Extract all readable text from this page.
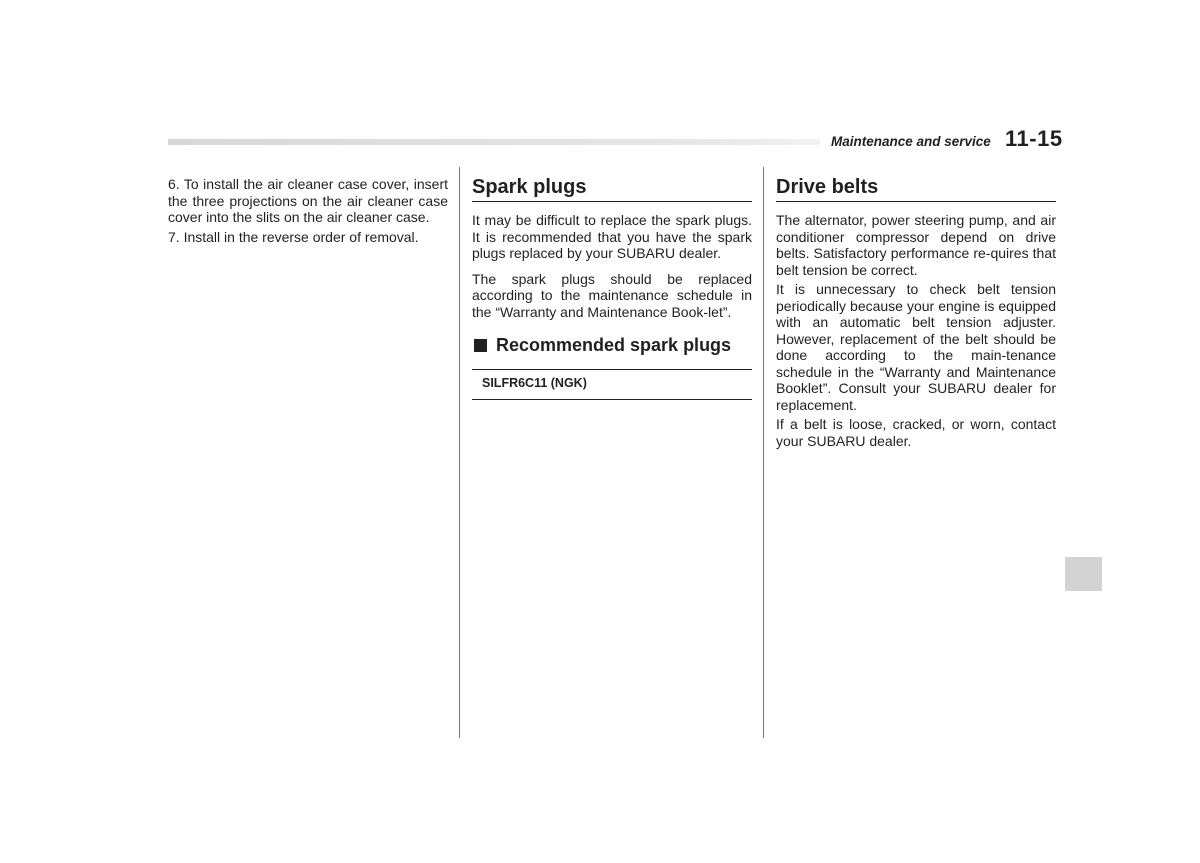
Maintenance and service 11-15

6. To install the air cleaner case cover, insert the three projections on the air cleaner case cover into the slits on the air cleaner case.

7. Install in the reverse order of removal.

Spark plugs

It may be difficult to replace the spark plugs. It is recommended that you have the spark plugs replaced by your SUBARU dealer.

The spark plugs should be replaced according to the maintenance schedule in the “Warranty and Maintenance Book-let”.

Recommended spark plugs
SILFR6C11 (NGK)
Drive belts

The alternator, power steering pump, and air conditioner compressor depend on drive belts. Satisfactory performance re-quires that belt tension be correct.

It is unnecessary to check belt tension periodically because your engine is equipped with an automatic belt tension adjuster. However, replacement of the belt should be done according to the main-tenance schedule in the “Warranty and Maintenance Booklet”. Consult your SUBARU dealer for replacement.

If a belt is loose, cracked, or worn, contact your SUBARU dealer.
